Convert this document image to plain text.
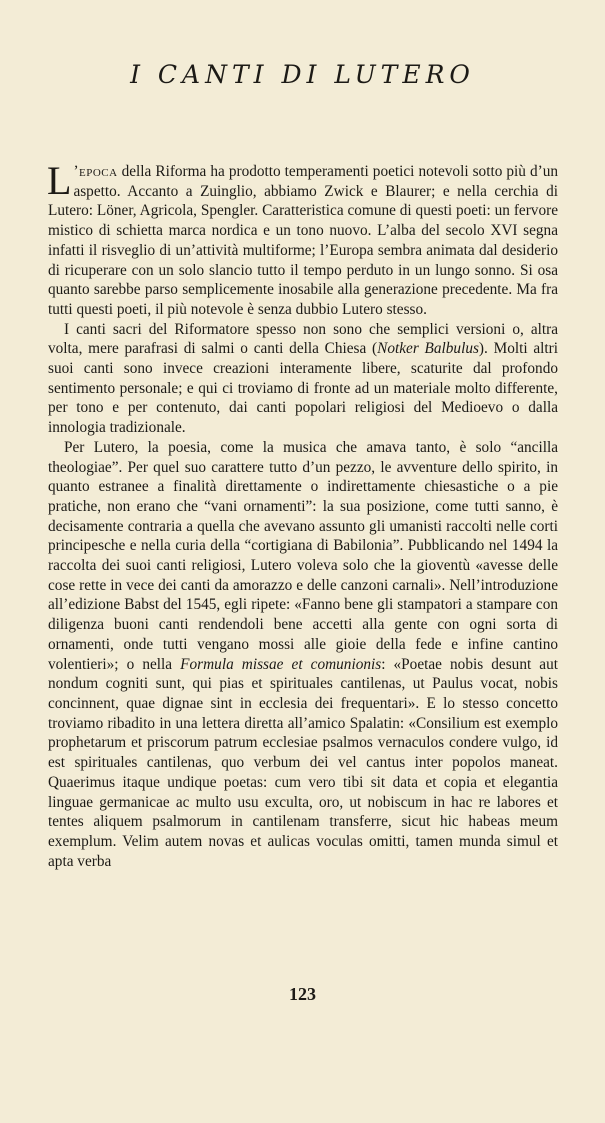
I CANTI DI LUTERO

L ’epoca della Riforma ha prodotto temperamenti poetici notevoli sotto più d’un aspetto. Accanto a Zuinglio, abbiamo Zwick e Blaurer; e nella cerchia di Lutero: Löner, Agricola, Spengler. Caratteristica comune di questi poeti: un fervore mistico di schietta marca nordica e un tono nuovo. L’alba del secolo XVI segna infatti il risveglio di un’attività multiforme; l’Europa sembra animata dal desiderio di ricuperare con un solo slancio tutto il tempo perduto in un lungo sonno. Si osa quanto sarebbe parso semplicemente inosabile alla generazione precedente. Ma fra tutti questi poeti, il più notevole è senza dubbio Lutero stesso.

I canti sacri del Riformatore spesso non sono che semplici versioni o, altra volta, mere parafrasi di salmi o canti della Chiesa (Notker Balbulus). Molti altri suoi canti sono invece creazioni interamente libere, scaturite dal profondo sentimento personale; e qui ci troviamo di fronte ad un materiale molto differente, per tono e per contenuto, dai canti popolari religiosi del Medioevo o dalla innologia tradizionale.

Per Lutero, la poesia, come la musica che amava tanto, è solo “ancilla theologiae”. Per quel suo carattere tutto d’un pezzo, le avventure dello spirito, in quanto estranee a finalità direttamente o indirettamente chiesastiche o a pie pratiche, non erano che “vani ornamenti”: la sua posizione, come tutti sanno, è decisamente contraria a quella che avevano assunto gli umanisti raccolti nelle corti principesche e nella curia della “cortigiana di Babilonia”. Pubblicando nel 1494 la raccolta dei suoi canti religiosi, Lutero voleva solo che la gioventù «avesse delle cose rette in vece dei canti da amorazzo e delle canzoni carnali». Nell’introduzione all’edizione Babst del 1545, egli ripete: «Fanno bene gli stampatori a stampare con diligenza buoni canti rendendoli bene accetti alla gente con ogni sorta di ornamenti, onde tutti vengano mossi alle gioie della fede e infine cantino volentieri»; o nella Formula missae et comunionis: «Poetae nobis desunt aut nondum cogniti sunt, qui pias et spirituales cantilenas, ut Paulus vocat, nobis concinnent, quae dignae sint in ecclesia dei frequentari». E lo stesso concetto troviamo ribadito in una lettera diretta all’amico Spalatin: «Consilium est exemplo prophetarum et priscorum patrum ecclesiae psalmos vernaculos condere vulgo, id est spirituales cantilenas, quo verbum dei vel cantus inter popolos maneat. Quaerimus itaque undique poetas: cum vero tibi sit data et copia et elegantia linguae germanicae ac multo usu exculta, oro, ut nobiscum in hac re labores et tentes aliquem psalmorum in cantilenam transferre, sicut hic habeas meum exemplum. Velim autem novas et aulicas voculas omitti, tamen munda simul et apta verba

123
